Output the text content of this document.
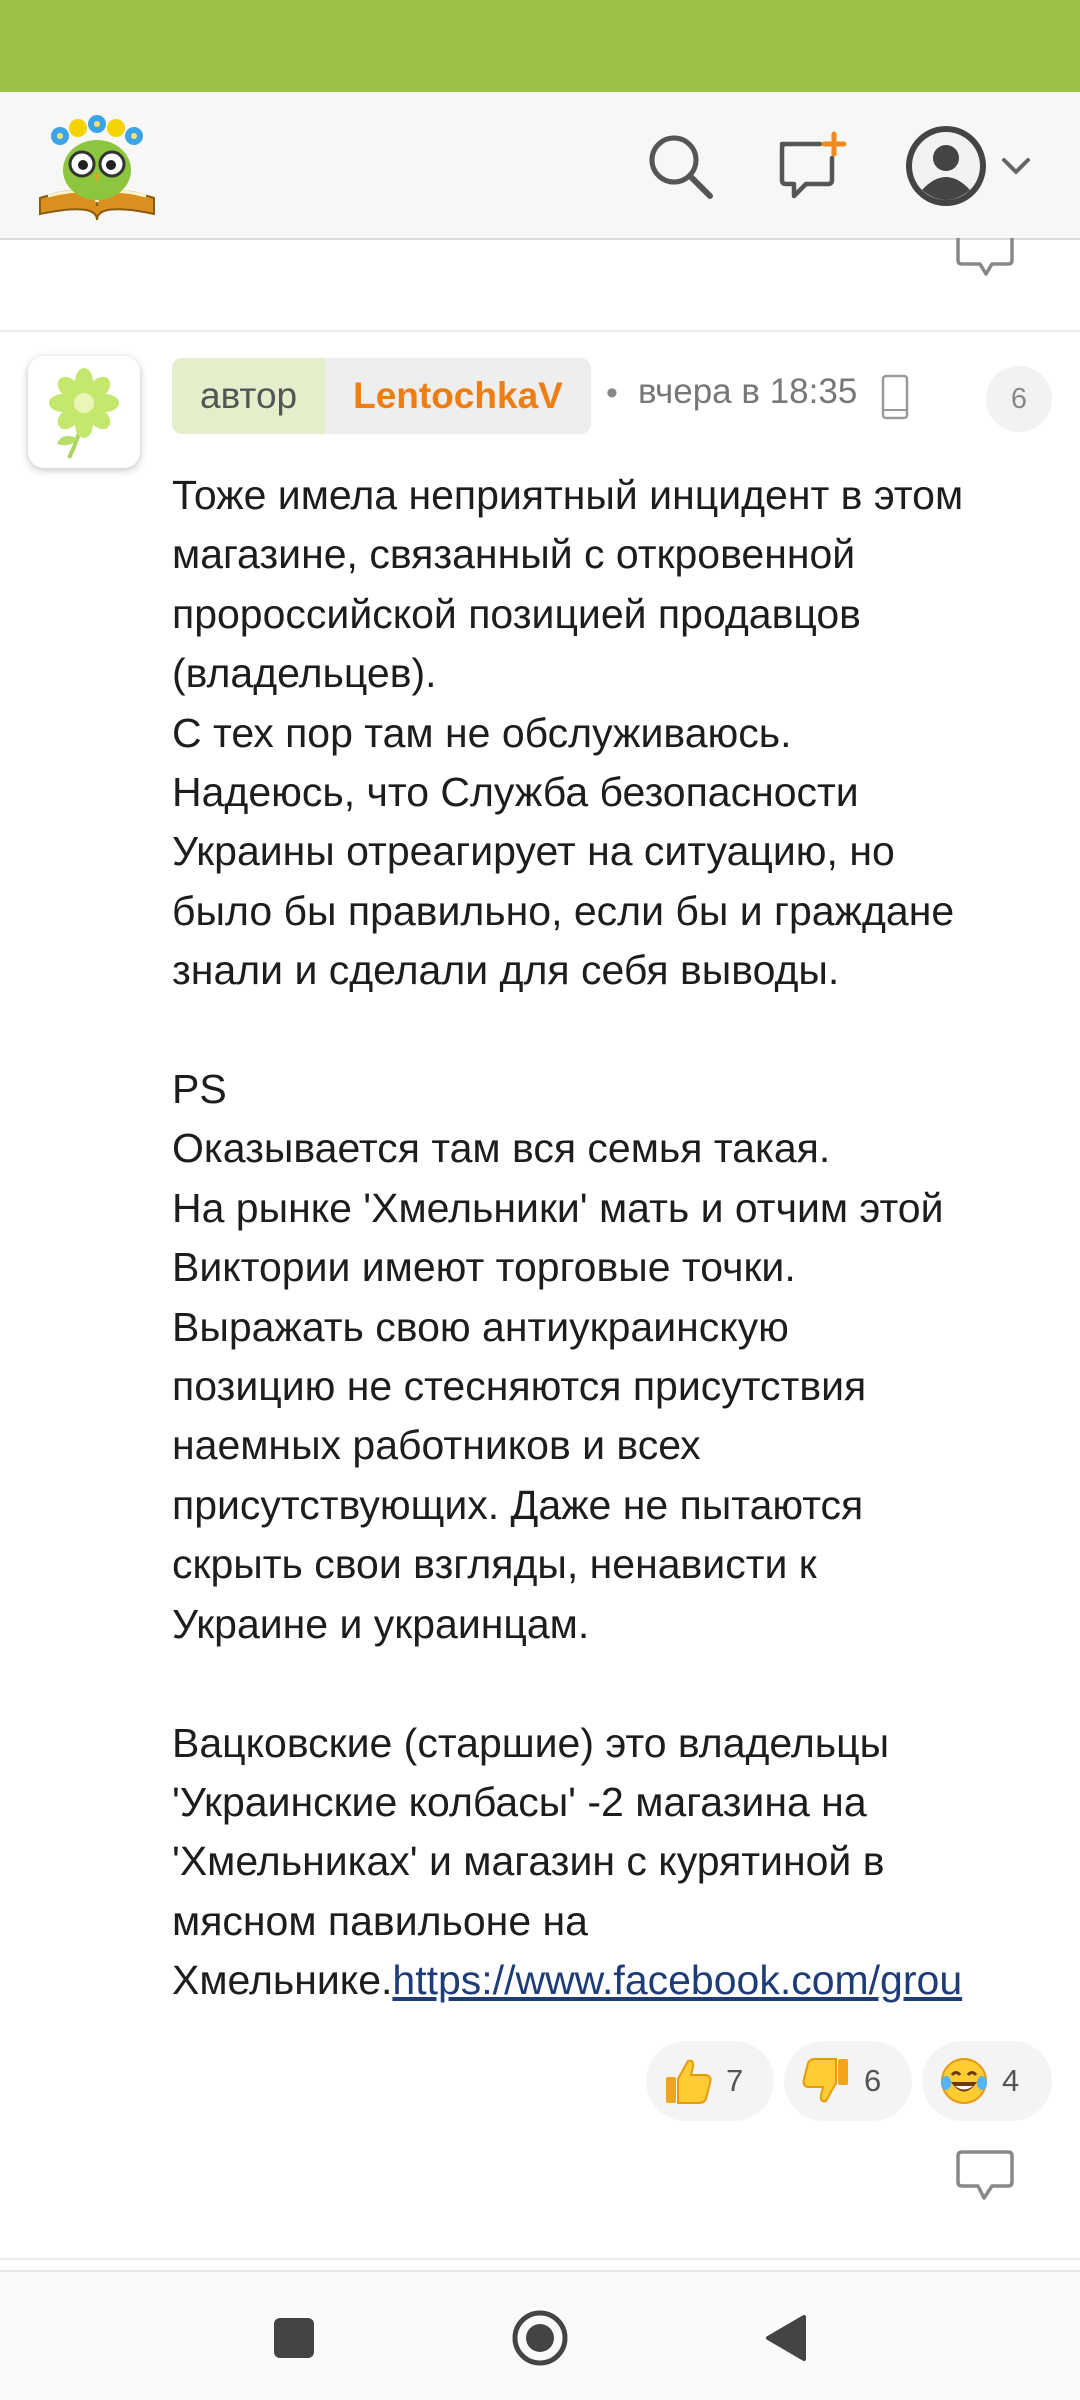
автор	LentochkaV	• вчера в 18:35	6

Тоже имела неприятный инцидент в этом

магазине, связанный с откровенной

пророссийской позицией продавцов

(владельцев).

С тех пор там не обслуживаюсь.

Надеюсь, что Служба безопасности

Украины отреагирует на ситуацию, но

было бы правильно, если бы и граждане

знали и сделали для себя выводы.

PS

Оказывается там вся семья такая.

На рынке 'Хмельники' мать и отчим этой

Виктории имеют торговые точки.

Выражать свою антиукраинскую

позицию не стесняются присутствия

наемных работников и всех

присутствующих. Даже не пытаются

скрыть свои взгляды, ненависти к

Украине и украинцам.

Вацковские (старшие) это владельцы

'Украинские колбасы' -2 магазина на

'Хмельниках' и магазин с курятиной в

мясном павильоне на

Хмельнике.https://www.facebook.com/grou

7	6	4
